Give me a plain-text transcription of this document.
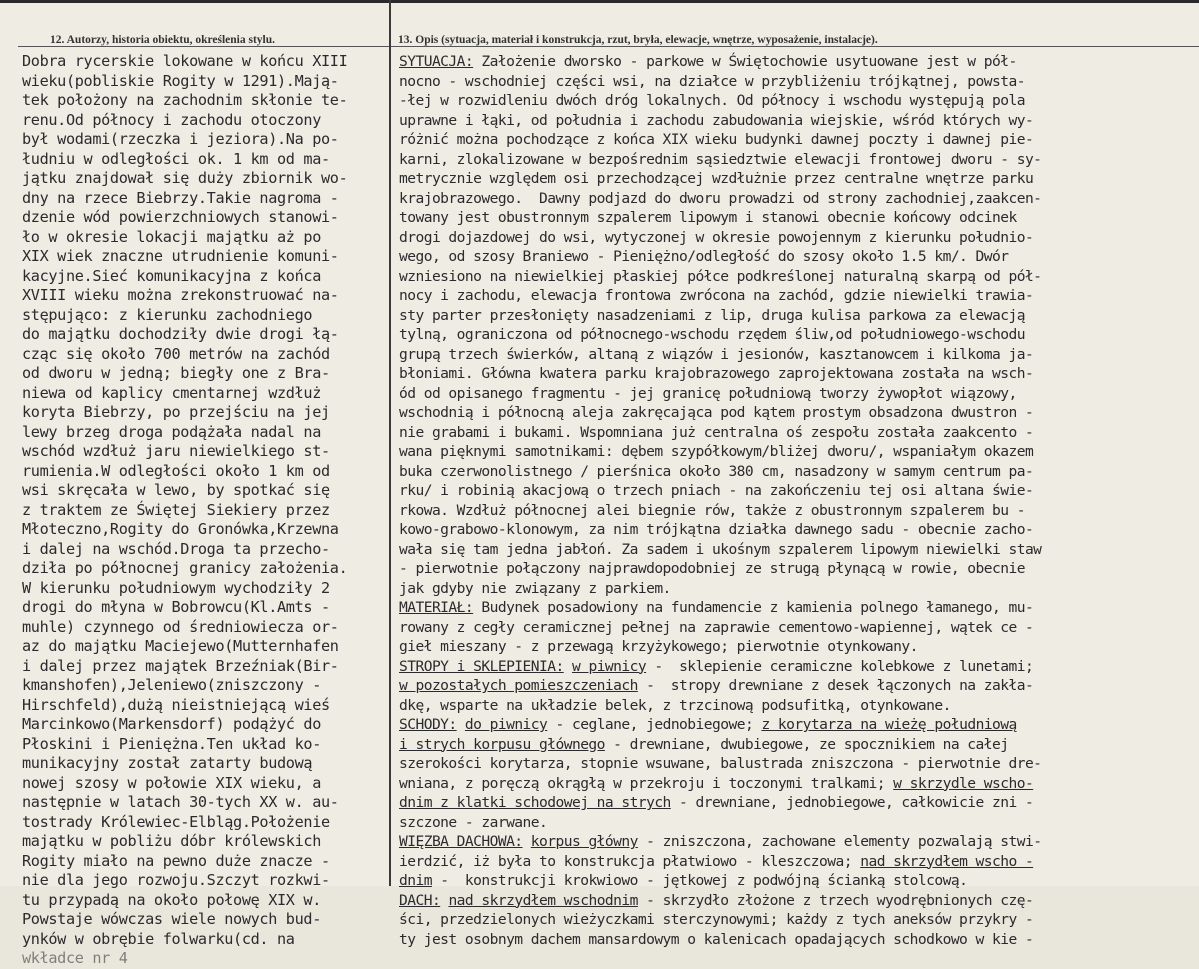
12. Autorzy, historia obiektu, określenia stylu.	13. Opis (sytuacja, materiał i konstrukcja, rzut, bryła, elewacje, wnętrze, wyposażenie, instalacje).
Dobra rycerskie lokowane w końcu XIII
wieku(pobliskie Rogity w 1291).Mają-
tek położony na zachodnim skłonie te-
renu.Od północy i zachodu otoczony
był wodami(rzeczka i jeziora).Na po-
łudniu w odległości ok. 1 km od ma-
jątku znajdował się duży zbiornik wo-
dny na rzece Biebrzy.Takie nagroma -
dzenie wód powierzchniowych stanowi-
ło w okresie lokacji majątku aż po
XIX wiek znaczne utrudnienie komuni-
kacyjne.Sieć komunikacyjna z końca
XVIII wieku można zrekonstruować na-
stępująco: z kierunku zachodniego
do majątku dochodziły dwie drogi łą-
cząc się około 700 metrów na zachód
od dworu w jedną; biegły one z Bra-
niewa od kaplicy cmentarnej wzdłuż
koryta Biebrzy, po przejściu na jej
lewy brzeg droga podążała nadal na
wschód wzdłuż jaru niewielkiego st-
rumienia.W odległości około 1 km od
wsi skręcała w lewo, by spotkać się
z traktem ze Świętej Siekiery przez
Młoteczno,Rogity do Gronówka,Krzewna
i dalej na wschód.Droga ta przecho-
dziła po północnej granicy założenia.
W kierunku południowym wychodziły 2
drogi do młyna w Bobrowcu(Kl.Amts -
muhle) czynnego od średniowiecza or-
az do majątku Maciejewo(Mutternhafen
i dalej przez majątek Brzeźniak(Bir-
kmanshofen),Jeleniewo(zniszczony -
Hirschfeld),dużą nieistniejącą wieś
Marcinkowo(Markensdorf) podążyć do
Płoskini i Pieniężna.Ten układ ko-
munikacyjny został zatarty budową
nowej szosy w połowie XIX wieku, a
następnie w latach 30-tych XX w. au-
tostrady Królewiec-Elbląg.Położenie
majątku w pobliżu dóbr królewskich
Rogity miało na pewno duże znacze -
nie dla jego rozwoju.Szczyt rozkwi-
tu przypadą na około połowę XIX w.
Powstaje wówczas wiele nowych bud-
ynków w obrębie folwarku(cd. na
wkładce nr 4
SYTUACJA: Założenie dworsko - parkowe w Świętochowie usytuowane jest w pół-
nocno - wschodniej części wsi, na działce w przybliżeniu trójkątnej, powsta-
-łej w rozwidleniu dwóch dróg lokalnych. Od północy i wschodu występują pola
uprawne i łąki, od południa i zachodu zabudowania wiejskie, wśród których wy-
różnić można pochodzące z końca XIX wieku budynki dawnej poczty i dawnej pie-
karni, zlokalizowane w bezpośrednim sąsiedztwie elewacji frontowej dworu - sy-
metrycznie względem osi przechodzącej wzdłużnie przez centralne wnętrze parku
krajobrazowego.  Dawny podjazd do dworu prowadzi od strony zachodniej,zaakcen-
towany jest obustronnym szpalerem lipowym i stanowi obecnie końcowy odcinek
drogi dojazdowej do wsi, wytyczonej w okresie powojennym z kierunku południo-
wego, od szosy Braniewo - Pieniężno/odległość do szosy około 1.5 km/. Dwór
wzniesiono na niewielkiej płaskiej półce podkreślonej naturalną skarpą od pół-
nocy i zachodu, elewacja frontowa zwrócona na zachód, gdzie niewielki trawia-
sty parter przesłonięty nasadzeniami z lip, druga kulisa parkowa za elewacją
tylną, ograniczona od północnego-wschodu rzędem śliw,od południowego-wschodu
grupą trzech świerków, altaną z wiązów i jesionów, kasztanowcem i kilkoma ja-
błoniami. Główna kwatera parku krajobrazowego zaprojektowana została na wsch-
ód od opisanego fragmentu - jej granicę południową tworzy żywopłot wiązowy,
wschodnią i północną aleja zakręcająca pod kątem prostym obsadzona dwustron -
nie grabami i bukami. Wspomniana już centralna oś zespołu została zaakcento -
wana pięknymi samotnikami: dębem szypółkowym/bliżej dworu/, wspaniałym okazem
buka czerwonolistnego / pierśnica około 380 cm, nasadzony w samym centrum pa-
rku/ i robinią akacjową o trzech pniach - na zakończeniu tej osi altana świe-
rkowa. Wzdłuż północnej alei biegnie rów, także z obustronnym szpalerem bu -
kowo-grabowo-klonowym, za nim trójkątna działka dawnego sadu - obecnie zacho-
wała się tam jedna jabłoń. Za sadem i ukośnym szpalerem lipowym niewielki staw
- pierwotnie połączony najprawdopodobniej ze strugą płynącą w rowie, obecnie
jak gdyby nie związany z parkiem.
MATERIAŁ: Budynek posadowiony na fundamencie z kamienia polnego łamanego, mu-
rowany z cegły ceramicznej pełnej na zaprawie cementowo-wapiennej, wątek ce -
gieł mieszany - z przewagą krzyżykowego; pierwotnie otynkowany.
STROPY i SKLEPIENIA: w piwnicy -  sklepienie ceramiczne kolebkowe z lunetami;
w pozostałych pomieszczeniach -  stropy drewniane z desek łączonych na zakła-
dkę, wsparte na układzie belek, z trzcinową podsufitką, otynkowane.
SCHODY: do piwnicy - ceglane, jednobiegowe; z korytarza na wieżę południową
i strych korpusu głównego - drewniane, dwubiegowe, ze spocznikiem na całej
szerokości korytarza, stopnie wsuwane, balustrada zniszczona - pierwotnie dre-
wniana, z poręczą okrągłą w przekroju i toczonymi tralkami; w skrzydle wscho-
dnim z klatki schodowej na strych - drewniane, jednobiegowe, całkowicie zni -
szczone - zarwane.
WIĘZBA DACHOWA: korpus główny - zniszczona, zachowane elementy pozwalają stwi-
ierdzić, iż była to konstrukcja płatwiowo - kleszczowa; nad skrzydłem wscho -
dnim -  konstrukcji krokwiowo - jętkowej z podwójną ścianką stolcową.
DACH: nad skrzydłem wschodnim - skrzydło złożone z trzech wyodrębnionych czę-
ści, przedzielonych wieżyczkami sterczynowymi; każdy z tych aneksów przykry -
ty jest osobnym dachem mansardowym o kalenicach opadających schodkowo w kie -
